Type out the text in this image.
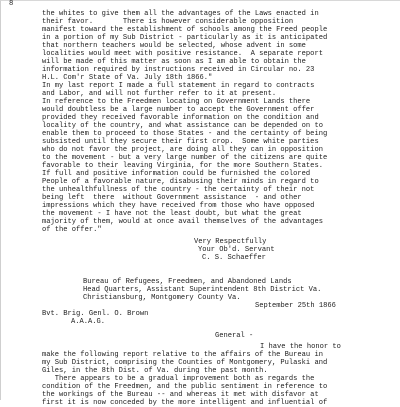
8
the whites to give them all the advantages of the Laws enacted in
their favor.       There is however considerable opposition
manifest toward the establishment of schools among the Freed people
in a portion of my Sub District - particularly as it is anticipated
that northern teachers would be selected, whose advent in some
localities would meet with positive resistance.  A separate report
will be made of this matter as soon as I am able to obtain the
information required by instructions received in Circular no. 23
H.L. Com'r State of Va. July 18th 1866."
In my last report I made a full statement in regard to contracts
and Labor, and will not further refer to it at present.
In reference to the Freedmen locating on Government Lands there
would doubtless be a large number to accept the Government offer
provided they received favorable information on the condition and
locality of the country, and what assistance can be depended on to
enable them to proceed to those States - and the certainty of being
subsisted until they secure their first crop.  Some white parties
who do not favor the project, are doing all they can in opposition
to the movement - but a very large number of the citizens are quite
favorable to their leaving Virginia, for the more Southern States.
If full and positive information could be furnished the colored
People of a favorable nature, disabusing their minds in regard to
the unhealthfullness of the country - the certainty of their not
being left  there  without Government assistance  - and other
impressions which they have received from those who have opposed
the movement - I have not the least doubt, but what the great
majority of them, would at once avail themselves of the advantages
of the offer."
Very Respectfully
Your Ob'd. Servant
C. S. Schaeffer
Bureau of Refugees, Freedmen, and Abandoned Lands
Head Quarters, Assistant Superintendent 8th District Va.
Christiansburg, Montgomery County Va.
September 25th 1866
Bvt. Brig. Genl. O. Brown
A.A.A.G.
General -
I have the honor to
make the following report relative to the affairs of the Bureau in
my Sub District, comprising the Counties of Montgomery, Pulaski and
Giles, in the 8th Dist. of Va. during the past month.
There appears to be a gradual improvement both as regards the
condition of the Freedmen, and the public sentiment in reference to
the workings of the Bureau -- and whereas it met with disfavor at
first it is now conceded by the more intelligent and influential of
